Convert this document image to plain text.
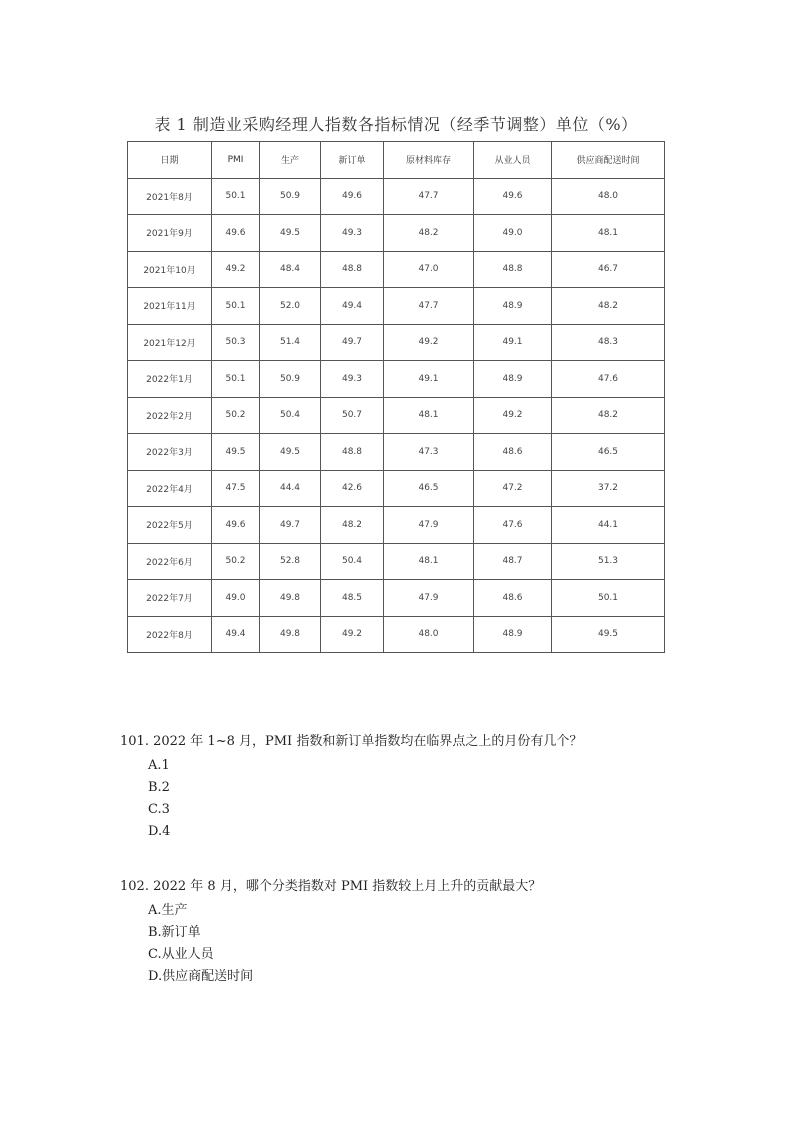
表 1 制造业采购经理人指数各指标情况（经季节调整）单位（%）
日期	PMI	生产	新订单	原材料库存	从业人员	供应商配送时间
2021年8月	50.1	50.9	49.6	47.7	49.6	48.0
2021年9月	49.6	49.5	49.3	48.2	49.0	48.1
2021年10月	49.2	48.4	48.8	47.0	48.8	46.7
2021年11月	50.1	52.0	49.4	47.7	48.9	48.2
2021年12月	50.3	51.4	49.7	49.2	49.1	48.3
2022年1月	50.1	50.9	49.3	49.1	48.9	47.6
2022年2月	50.2	50.4	50.7	48.1	49.2	48.2
2022年3月	49.5	49.5	48.8	47.3	48.6	46.5
2022年4月	47.5	44.4	42.6	46.5	47.2	37.2
2022年5月	49.6	49.7	48.2	47.9	47.6	44.1
2022年6月	50.2	52.8	50.4	48.1	48.7	51.3
2022年7月	49.0	49.8	48.5	47.9	48.6	50.1
2022年8月	49.4	49.8	49.2	48.0	48.9	49.5
101. 2022 年 1~8 月，PMI 指数和新订单指数均在临界点之上的月份有几个？
A.1
B.2
C.3
D.4
102. 2022 年 8 月，哪个分类指数对 PMI 指数较上月上升的贡献最大？
A.生产
B.新订单
C.从业人员
D.供应商配送时间
